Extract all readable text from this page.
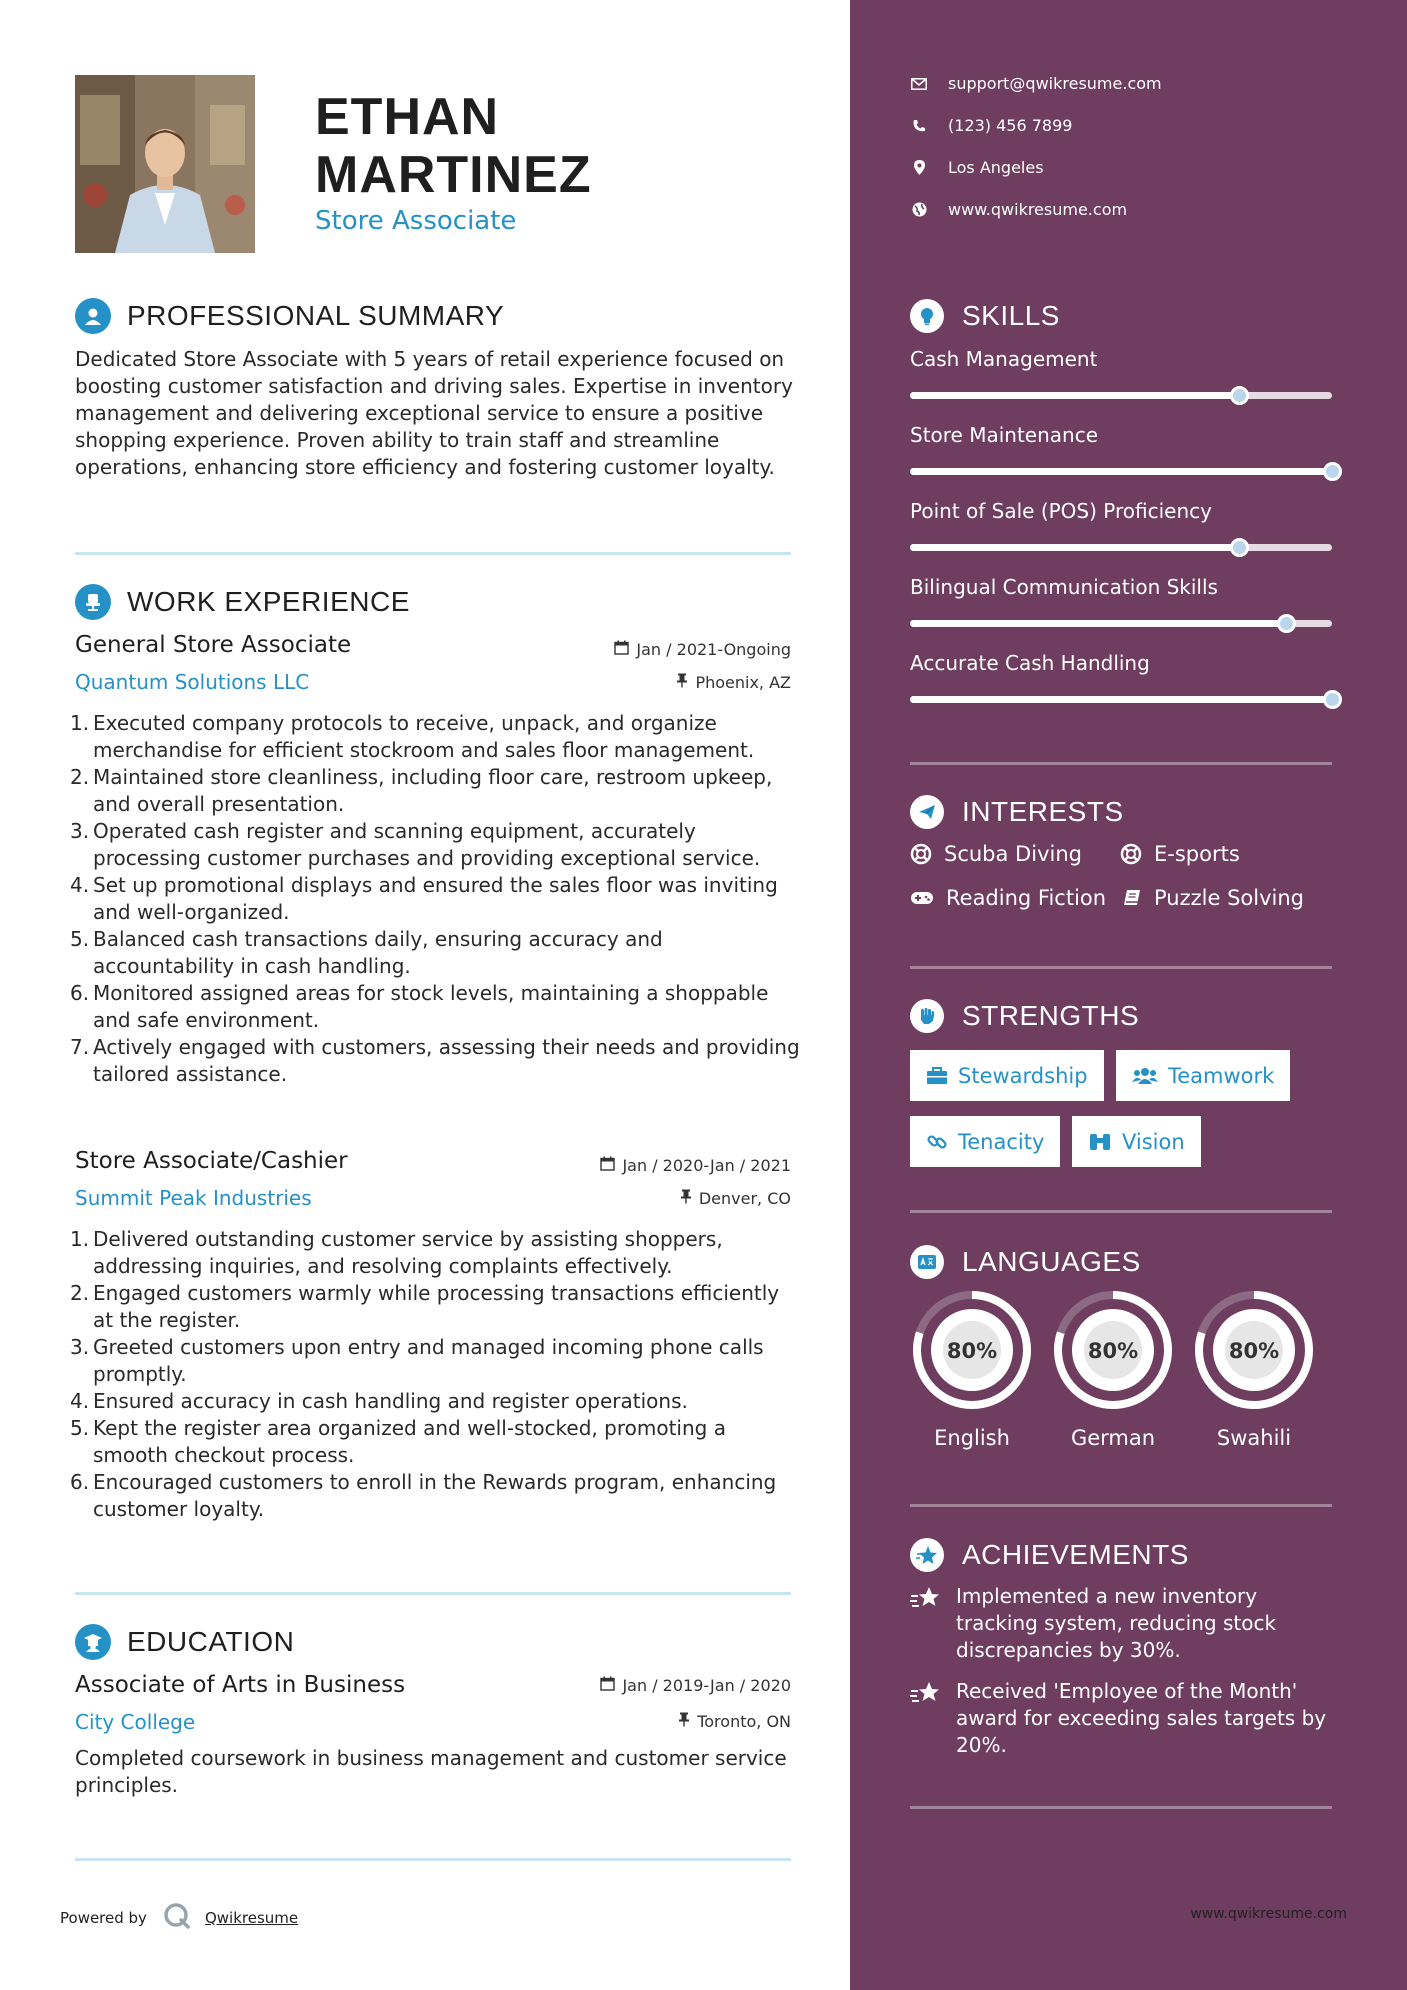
ETHAN
MARTINEZ
Store Associate
PROFESSIONAL SUMMARY
Dedicated Store Associate with 5 years of retail experience focused on boosting customer satisfaction and driving sales. Expertise in inventory management and delivering exceptional service to ensure a positive shopping experience. Proven ability to train staff and streamline operations, enhancing store efficiency and fostering customer loyalty.
WORK EXPERIENCE
General Store Associate	Jan / 2021-Ongoing
Quantum Solutions LLC	Phoenix, AZ
Executed company protocols to receive, unpack, and organize merchandise for efficient stockroom and sales floor management.
Maintained store cleanliness, including floor care, restroom upkeep, and overall presentation.
Operated cash register and scanning equipment, accurately processing customer purchases and providing exceptional service.
Set up promotional displays and ensured the sales floor was inviting and well-organized.
Balanced cash transactions daily, ensuring accuracy and accountability in cash handling.
Monitored assigned areas for stock levels, maintaining a shoppable and safe environment.
Actively engaged with customers, assessing their needs and providing tailored assistance.
Store Associate/Cashier	Jan / 2020-Jan / 2021
Summit Peak Industries	Denver, CO
Delivered outstanding customer service by assisting shoppers, addressing inquiries, and resolving complaints effectively.
Engaged customers warmly while processing transactions efficiently at the register.
Greeted customers upon entry and managed incoming phone calls promptly.
Ensured accuracy in cash handling and register operations.
Kept the register area organized and well-stocked, promoting a smooth checkout process.
Encouraged customers to enroll in the Rewards program, enhancing customer loyalty.
EDUCATION
Associate of Arts in Business	Jan / 2019-Jan / 2020
City College	Toronto, ON
Completed coursework in business management and customer service principles.
Powered by	Qwikresume
support@qwikresume.com
(123) 456 7899
Los Angeles
www.qwikresume.com
SKILLS
Cash Management
Store Maintenance
Point of Sale (POS) Proficiency
Bilingual Communication Skills
Accurate Cash Handling
INTERESTS
Scuba Diving	E-sports
Reading Fiction Puzzle Solving
STRENGTHS
Stewardship	Teamwork
Tenacity	Vision
LANGUAGES
80%	80%	80%
English	German	Swahili
ACHIEVEMENTS
Implemented a new inventory tracking system, reducing stock discrepancies by 30%.
Received 'Employee of the Month' award for exceeding sales targets by 20%.
www.qwikresume.com
